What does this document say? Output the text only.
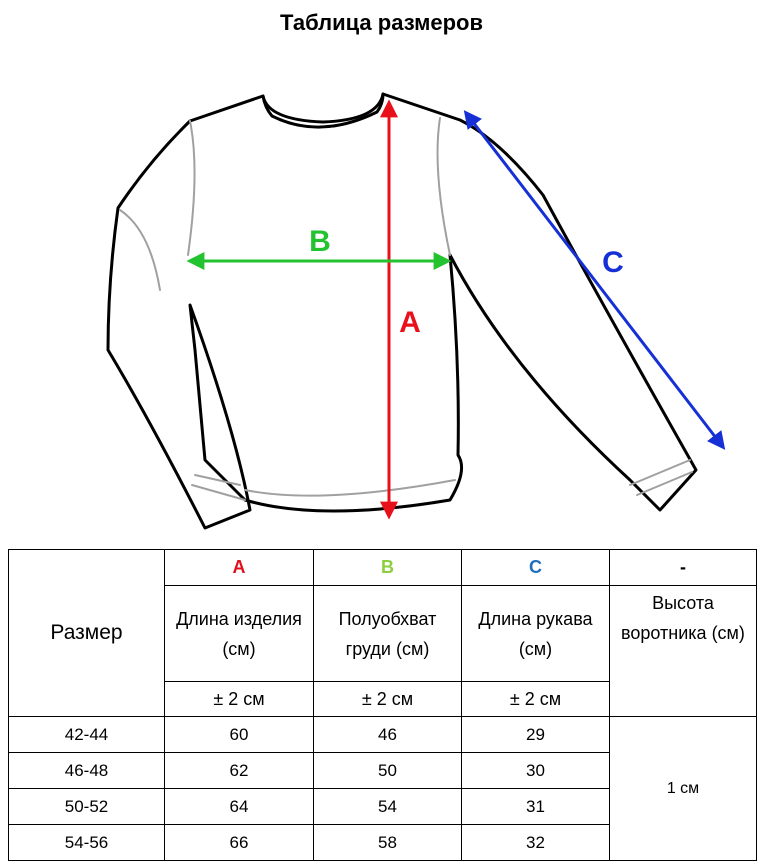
Таблица размеров
A
B
C
Размер	A	B	C	-
	Длина изделия (см)	Полуобхват груди (см)	Длина рукава (см)	Высота воротника (см)
	± 2 см	± 2 см	± 2 см	
42-44	60	46	29	1 см
46-48	62	50	30	
50-52	64	54	31	
54-56	66	58	32	
